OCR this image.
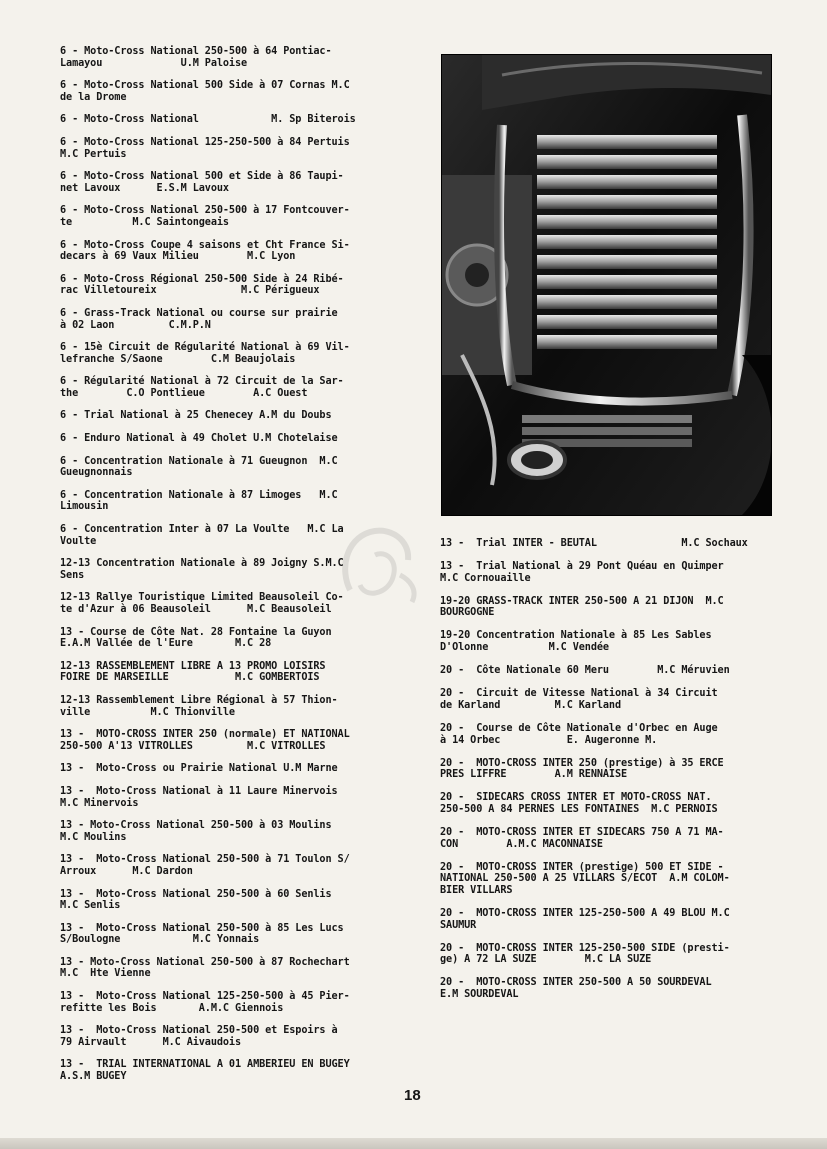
6 - Moto-Cross National 250-500 à 64 Pontiac-
Lamayou             U.M Paloise

6 - Moto-Cross National 500 Side à 07 Cornas M.C
de la Drome

6 - Moto-Cross National            M. Sp Biterois

6 - Moto-Cross National 125-250-500 à 84 Pertuis
M.C Pertuis

6 - Moto-Cross National 500 et Side à 86 Taupi-
net Lavoux      E.S.M Lavoux

6 - Moto-Cross National 250-500 à 17 Fontcouver-
te          M.C Saintongeais

6 - Moto-Cross Coupe 4 saisons et Cht France Si-
decars à 69 Vaux Milieu        M.C Lyon

6 - Moto-Cross Régional 250-500 Side à 24 Ribé-
rac Villetoureix              M.C Périgueux

6 - Grass-Track National ou course sur prairie
à 02 Laon         C.M.P.N

6 - 15è Circuit de Régularité National à 69 Vil-
lefranche S/Saone        C.M Beaujolais

6 - Régularité National à 72 Circuit de la Sar-
the        C.O Pontlieue        A.C Ouest

6 - Trial National à 25 Chenecey A.M du Doubs

6 - Enduro National à 49 Cholet U.M Chotelaise

6 - Concentration Nationale à 71 Gueugnon  M.C
Gueugnonnais

6 - Concentration Nationale à 87 Limoges   M.C
Limousin

6 - Concentration Inter à 07 La Voulte   M.C La
Voulte

12-13 Concentration Nationale à 89 Joigny S.M.C
Sens

12-13 Rallye Touristique Limited Beausoleil Co-
te d'Azur à 06 Beausoleil      M.C Beausoleil

13 - Course de Côte Nat. 28 Fontaine la Guyon
E.A.M Vallée de l'Eure       M.C 28

12-13 RASSEMBLEMENT LIBRE A 13 PROMO LOISIRS
FOIRE DE MARSEILLE           M.C GOMBERTOIS

12-13 Rassemblement Libre Régional à 57 Thion-
ville          M.C Thionville

13 -  MOTO-CROSS INTER 250 (normale) ET NATIONAL
250-500 A'13 VITROLLES         M.C VITROLLES

13 -  Moto-Cross ou Prairie National U.M Marne

13 -  Moto-Cross National à 11 Laure Minervois
M.C Minervois

13 - Moto-Cross National 250-500 à 03 Moulins
M.C Moulins

13 -  Moto-Cross National 250-500 à 71 Toulon S/
Arroux      M.C Dardon

13 -  Moto-Cross National 250-500 à 60 Senlis
M.C Senlis

13 -  Moto-Cross National 250-500 à 85 Les Lucs
S/Boulogne            M.C Yonnais

13 - Moto-Cross National 250-500 à 87 Rochechart
M.C  Hte Vienne

13 -  Moto-Cross National 125-250-500 à 45 Pier-
refitte les Bois       A.M.C Giennois

13 -  Moto-Cross National 250-500 et Espoirs à
79 Airvault      M.C Aivaudois

13 -  TRIAL INTERNATIONAL A 01 AMBERIEU EN BUGEY
A.S.M BUGEY

13 -  Trial INTER - BEUTAL              M.C Sochaux

13 -  Trial National à 29 Pont Quéau en Quimper
M.C Cornouaille

19-20 GRASS-TRACK INTER 250-500 A 21 DIJON  M.C
BOURGOGNE

19-20 Concentration Nationale à 85 Les Sables
D'Olonne          M.C Vendée

20 -  Côte Nationale 60 Meru        M.C Méruvien

20 -  Circuit de Vitesse National à 34 Circuit
de Karland         M.C Karland

20 -  Course de Côte Nationale d'Orbec en Auge
à 14 Orbec           E. Augeronne M.

20 -  MOTO-CROSS INTER 250 (prestige) à 35 ERCE
PRES LIFFRE        A.M RENNAISE

20 -  SIDECARS CROSS INTER ET MOTO-CROSS NAT.
250-500 A 84 PERNES LES FONTAINES  M.C PERNOIS

20 -  MOTO-CROSS INTER ET SIDECARS 750 A 71 MA-
CON        A.M.C MACONNAISE

20 -  MOTO-CROSS INTER (prestige) 500 ET SIDE -
NATIONAL 250-500 A 25 VILLARS S/ECOT  A.M COLOM-
BIER VILLARS

20 -  MOTO-CROSS INTER 125-250-500 A 49 BLOU M.C
SAUMUR

20 -  MOTO-CROSS INTER 125-250-500 SIDE (presti-
ge) A 72 LA SUZE        M.C LA SUZE

20 -  MOTO-CROSS INTER 250-500 A 50 SOURDEVAL
E.M SOURDEVAL

18
